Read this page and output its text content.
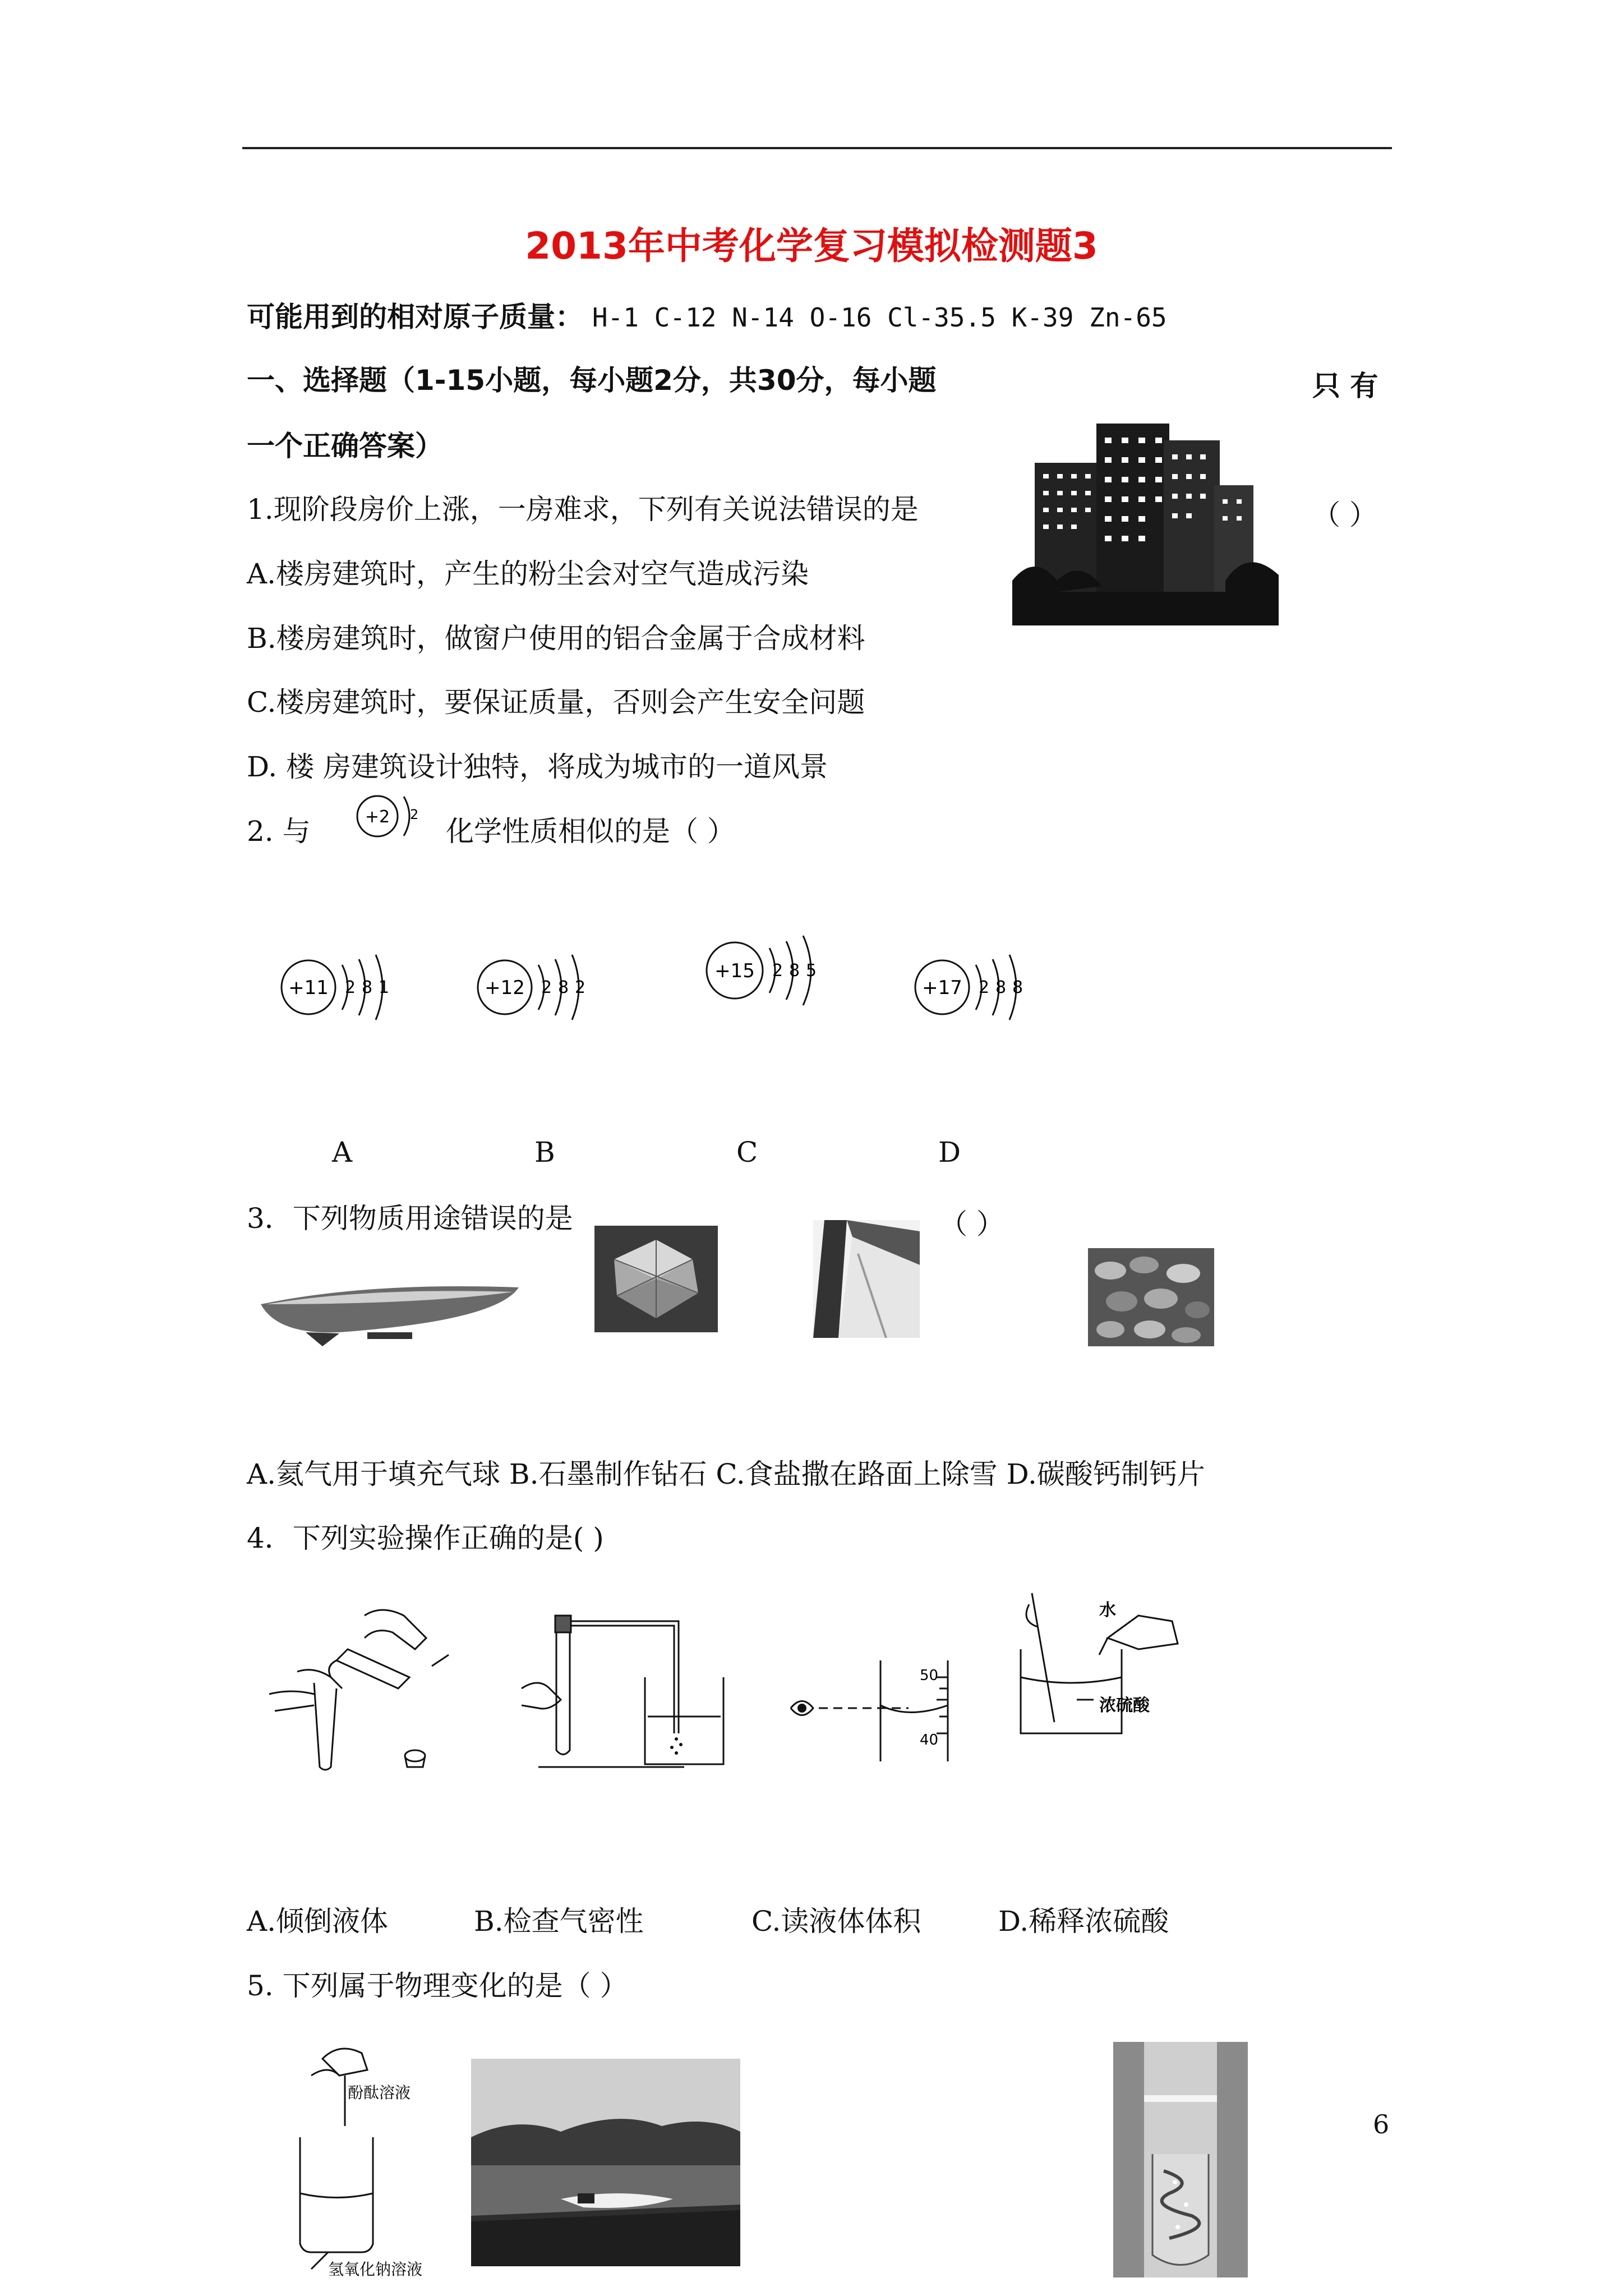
2013年中考化学复习模拟检测题3
可能用到的相对原子质量： H-1 C-12 N-14 O-16 Cl-35.5 K-39 Zn-65
一、选择题（1-15小题，每小题2分，共30分，每小题	只 有
一个正确答案）
1.现阶段房价上涨，一房难求，下列有关说法错误的是	（ ）
A.楼房建筑时，产生的粉尘会对空气造成污染
B.楼房建筑时，做窗户使用的铝合金属于合成材料
C.楼房建筑时，要保证质量，否则会产生安全问题
D. 楼 房建筑设计独特，将成为城市的一道风景
2. 与	化学性质相似的是（ ）
+2 2
+11 2 8 1	+12 2 8 2
+15 2 8 5
+17 2 8 8
A	B	C	D
3．下列物质用途错误的是	（ ）
A.氦气用于填充气球 B.石墨制作钻石 C.食盐撒在路面上除雪 D.碳酸钙制钙片
4．下列实验操作正确的是( )
50
40
水
浓硫酸
A.倾倒液体	B.检查气密性	C.读液体体积	D.稀释浓硫酸
5. 下列属于物理变化的是（ ）
酚酞溶液
氢氧化钠溶液
6
